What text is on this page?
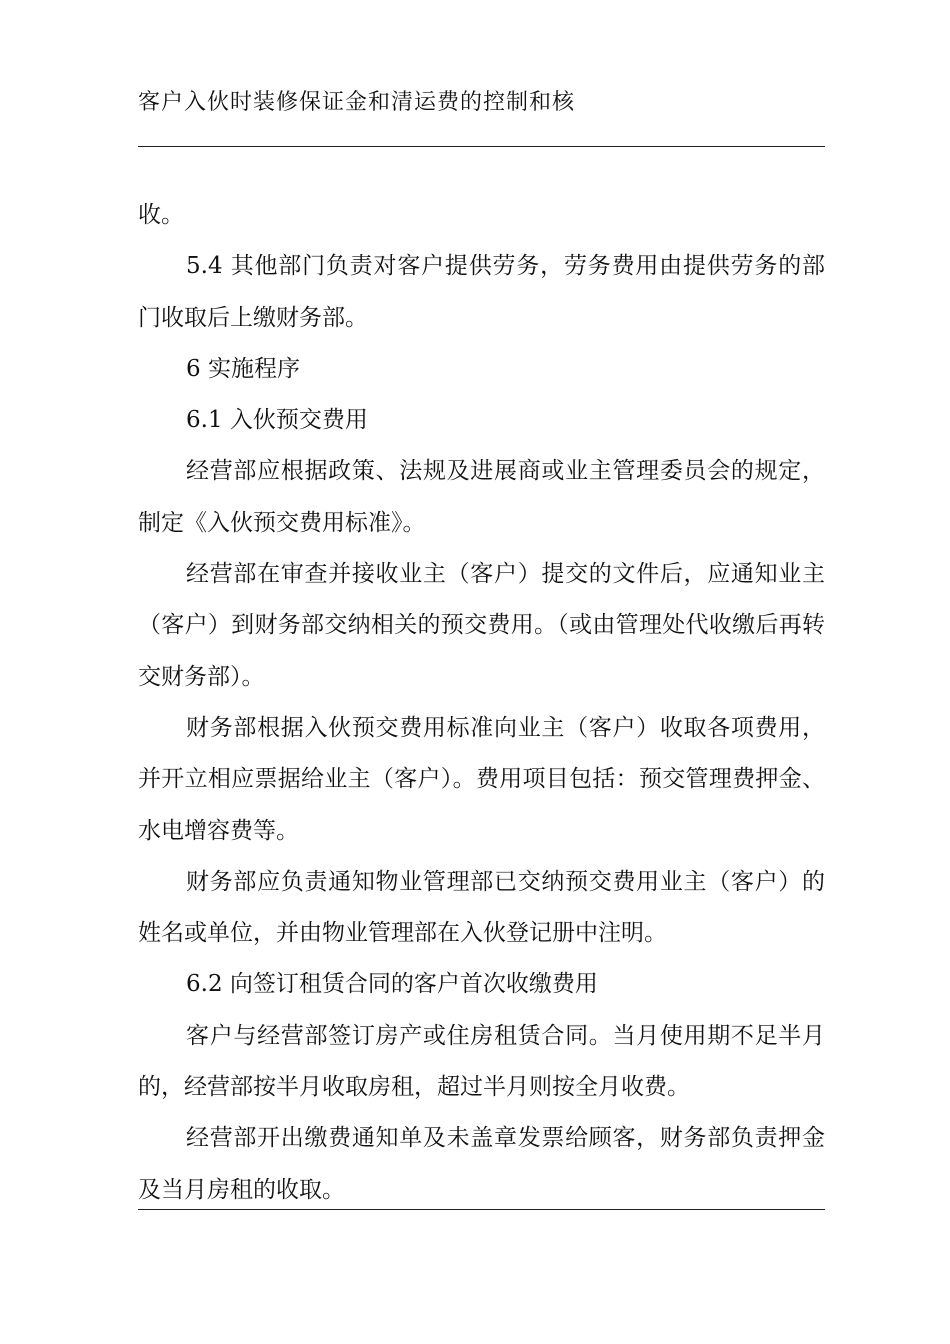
客户入伙时装修保证金和清运费的控制和核

收。

5.4 其他部门负责对客户提供劳务，劳务费用由提供劳务的部门收取后上缴财务部。

6 实施程序

6.1 入伙预交费用

经营部应根据政策、法规及进展商或业主管理委员会的规定，制定《入伙预交费用标准》。

经营部在审查并接收业主（客户）提交的文件后，应通知业主（客户）到财务部交纳相关的预交费用。（或由管理处代收缴后再转交财务部）。

财务部根据入伙预交费用标准向业主（客户）收取各项费用，并开立相应票据给业主（客户）。费用项目包括：预交管理费押金、水电增容费等。

财务部应负责通知物业管理部已交纳预交费用业主（客户）的姓名或单位，并由物业管理部在入伙登记册中注明。

6.2 向签订租赁合同的客户首次收缴费用

客户与经营部签订房产或住房租赁合同。当月使用期不足半月的，经营部按半月收取房租，超过半月则按全月收费。

经营部开出缴费通知单及未盖章发票给顾客，财务部负责押金及当月房租的收取。
